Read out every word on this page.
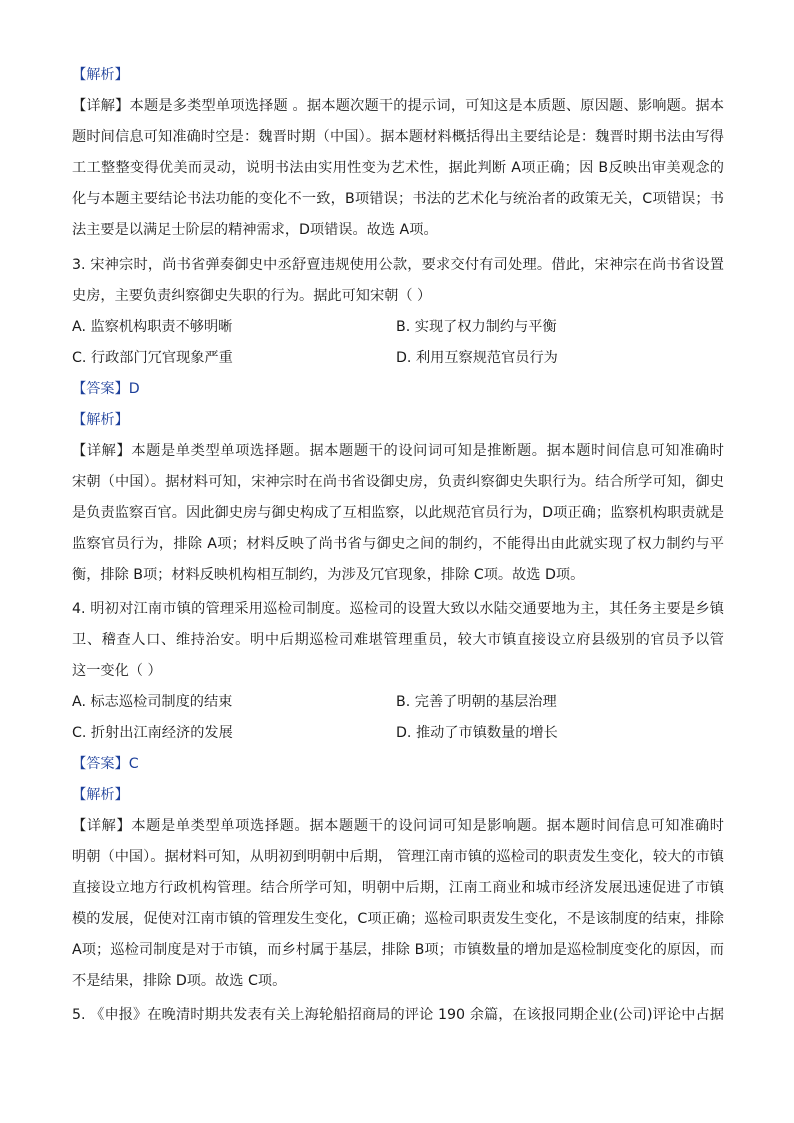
【解析】
【详解】本题是多类型单项选择题 。据本题次题干的提示词，可知这是本质题、原因题、影响题。据本
题时间信息可知准确时空是：魏晋时期（中国）。据本题材料概括得出主要结论是：魏晋时期书法由写得
工工整整变得优美而灵动，说明书法由实用性变为艺术性，据此判断 A项正确；因 B反映出审美观念的
化与本题主要结论书法功能的变化不一致，B项错误；书法的艺术化与统治者的政策无关，C项错误；书
法主要是以满足士阶层的精神需求，D项错误。故选 A项。
3. 宋神宗时，尚书省弹奏御史中丞舒亶违规使用公款，要求交付有司处理。借此，宋神宗在尚书省设置
史房，主要负责纠察御史失职的行为。据此可知宋朝（ ）
A. 监察机构职责不够明晰	B. 实现了权力制约与平衡
C. 行政部门冗官现象严重	D. 利用互察规范官员行为
【答案】D
【解析】
【详解】本题是单类型单项选择题。据本题题干的设问词可知是推断题。据本题时间信息可知准确时
宋朝（中国）。据材料可知，宋神宗时在尚书省设御史房，负责纠察御史失职行为。结合所学可知，御史
是负责监察百官。因此御史房与御史构成了互相监察，以此规范官员行为，D项正确；监察机构职责就是
监察官员行为，排除 A项；材料反映了尚书省与御史之间的制约，不能得出由此就实现了权力制约与平
衡，排除 B项；材料反映机构相互制约，为涉及冗官现象，排除 C项。故选 D项。
4. 明初对江南市镇的管理采用巡检司制度。巡检司的设置大致以水陆交通要地为主，其任务主要是乡镇
卫、稽查人口、维持治安。明中后期巡检司难堪管理重员，较大市镇直接设立府县级别的官员予以管
这一变化（ ）
A. 标志巡检司制度的结束	B. 完善了明朝的基层治理
C. 折射出江南经济的发展	D. 推动了市镇数量的增长
【答案】C
【解析】
【详解】本题是单类型单项选择题。据本题题干的设问词可知是影响题。据本题时间信息可知准确时
明朝（中国）。据材料可知，从明初到明朝中后期， 管理江南市镇的巡检司的职责发生变化，较大的市镇
直接设立地方行政机构管理。结合所学可知，明朝中后期，江南工商业和城市经济发展迅速促进了市镇
模的发展，促使对江南市镇的管理发生变化，C项正确；巡检司职责发生变化，不是该制度的结束，排除
A项；巡检司制度是对于市镇，而乡村属于基层，排除 B项；市镇数量的增加是巡检制度变化的原因，而
不是结果，排除 D项。故选 C项。
5. 《申报》在晚清时期共发表有关上海轮船招商局的评论 190 余篇，在该报同期企业(公司)评论中占据
